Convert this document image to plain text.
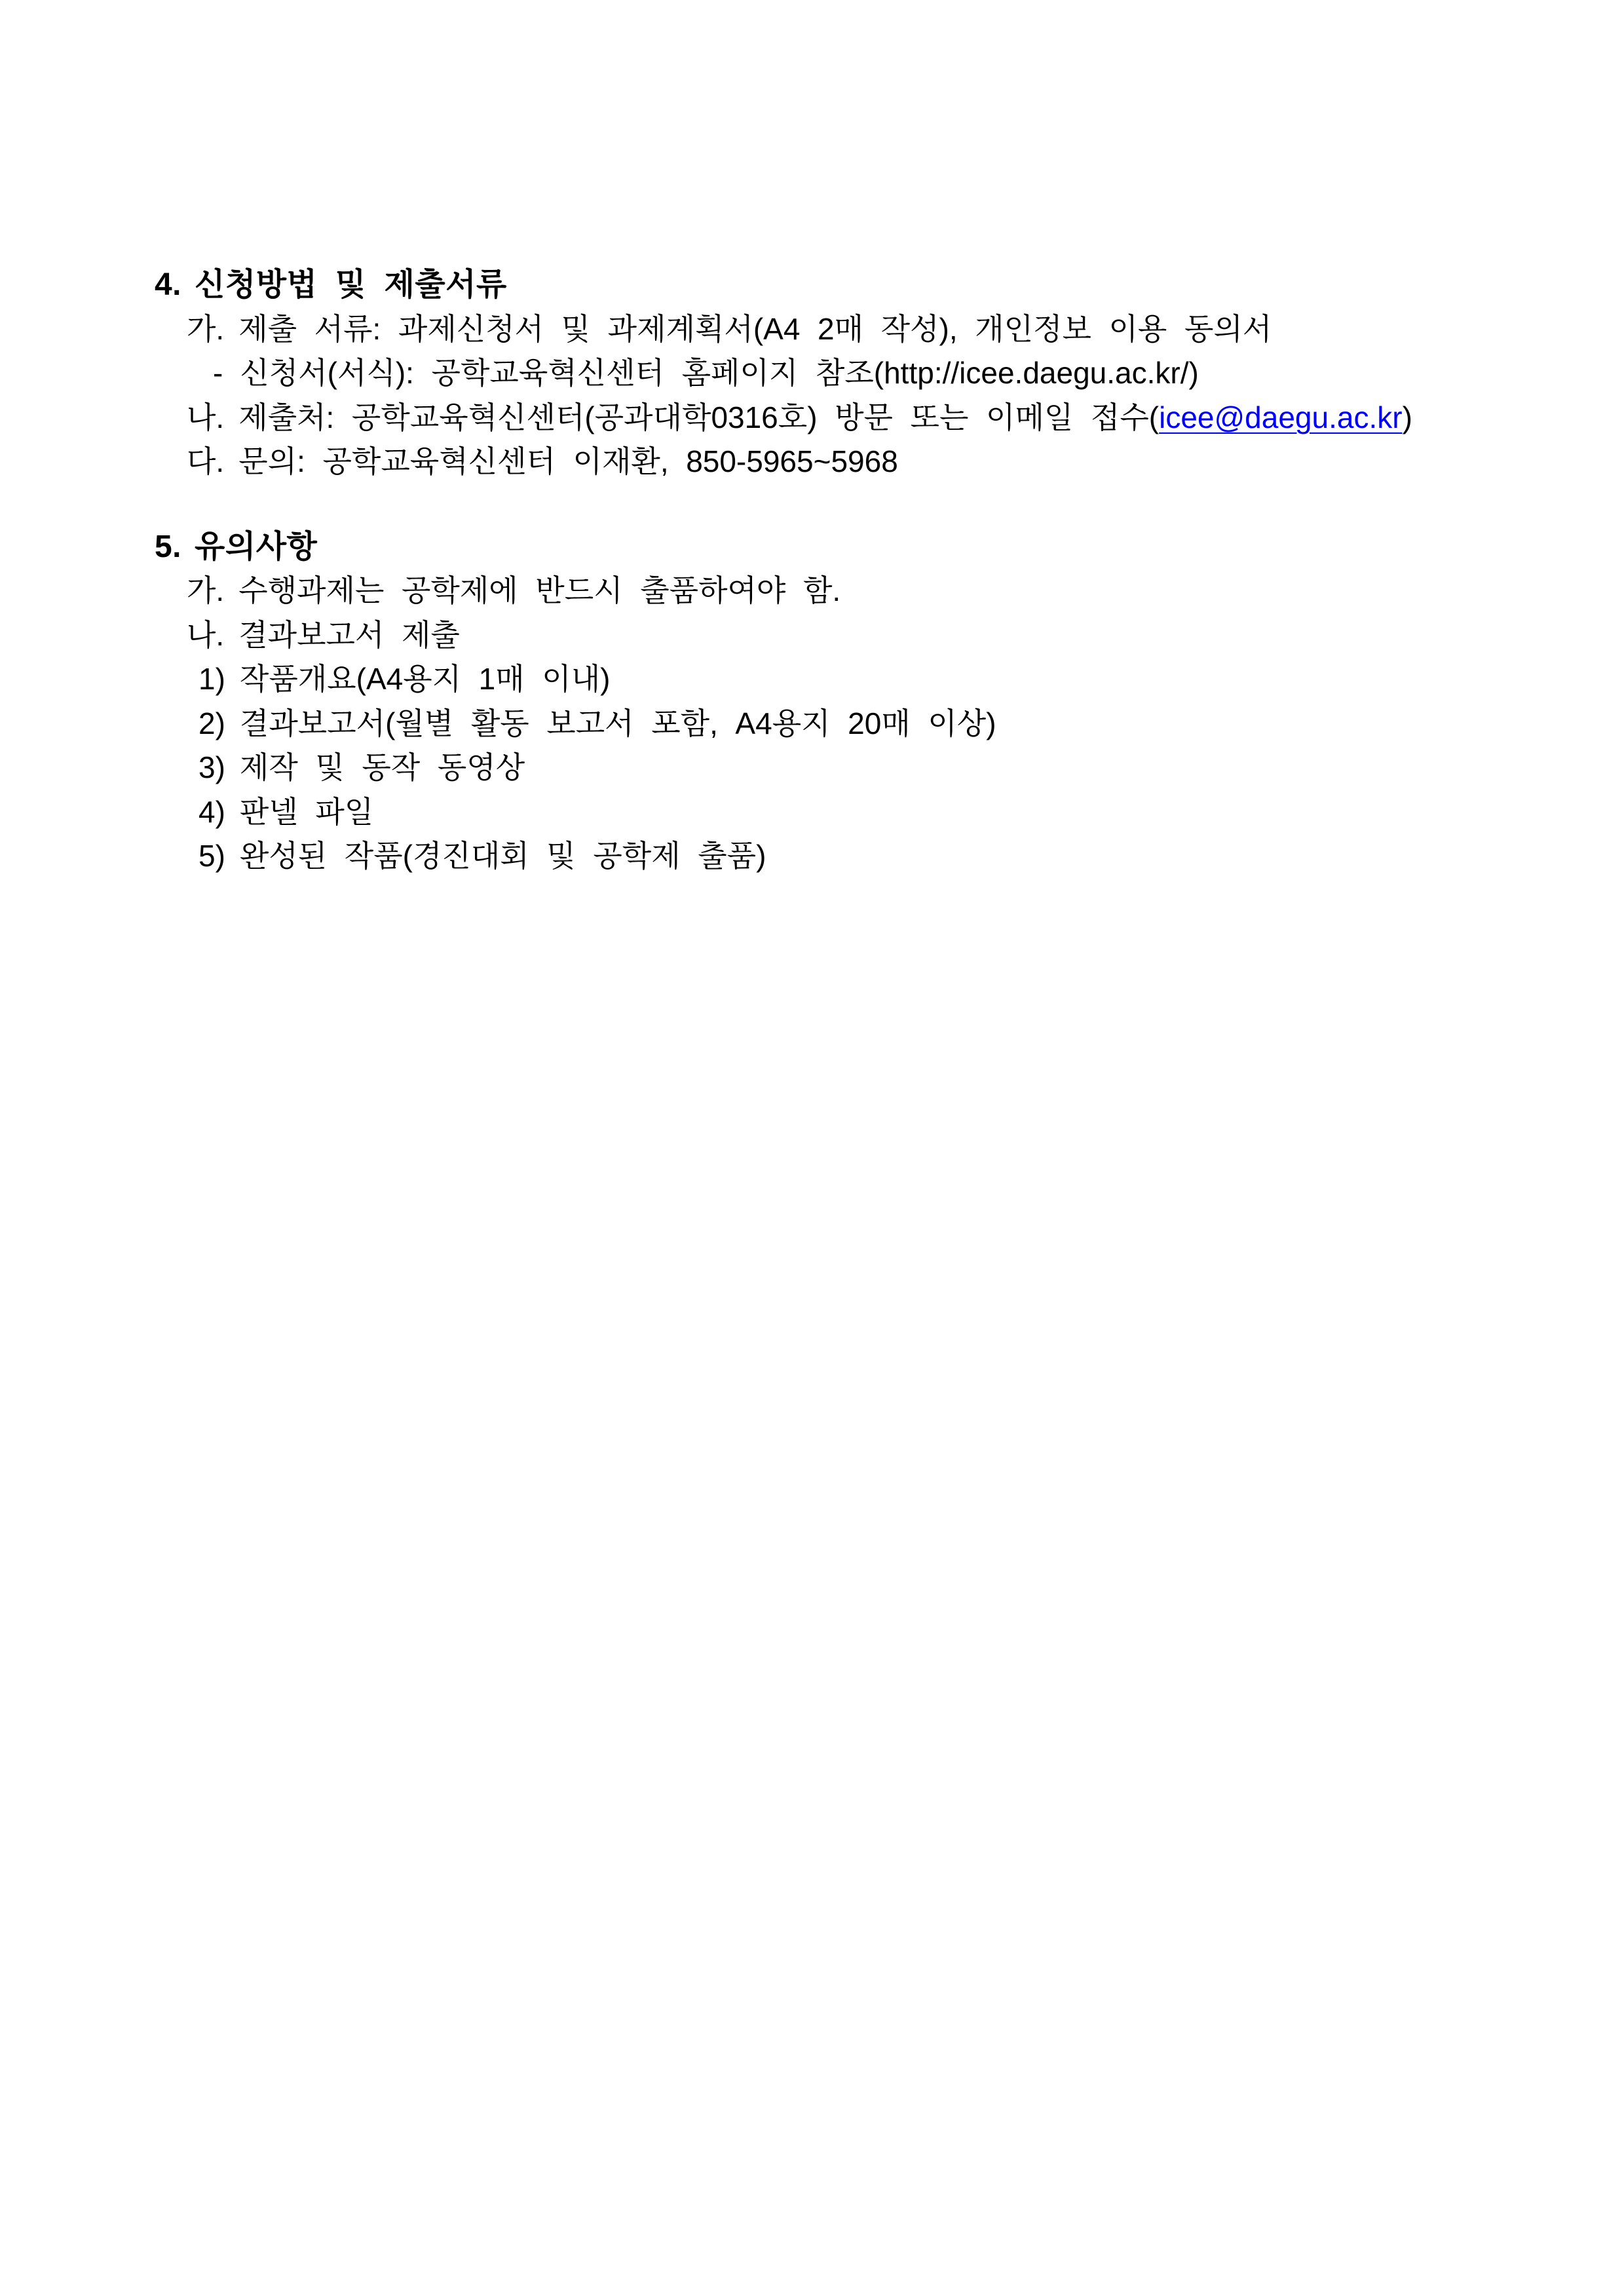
4. 신청방법 및 제출서류
가. 제출 서류: 과제신청서 및 과제계획서(A4 2매 작성), 개인정보 이용 동의서
- 신청서(서식): 공학교육혁신센터 홈페이지 참조(http://icee.daegu.ac.kr/)
나. 제출처: 공학교육혁신센터(공과대학0316호) 방문 또는 이메일 접수(icee@daegu.ac.kr)
다. 문의: 공학교육혁신센터 이재환, 850-5965~5968
5. 유의사항
가. 수행과제는 공학제에 반드시 출품하여야 함.
나. 결과보고서 제출
1) 작품개요(A4용지 1매 이내)
2) 결과보고서(월별 활동 보고서 포함, A4용지 20매 이상)
3) 제작 및 동작 동영상
4) 판넬 파일
5) 완성된 작품(경진대회 및 공학제 출품)
